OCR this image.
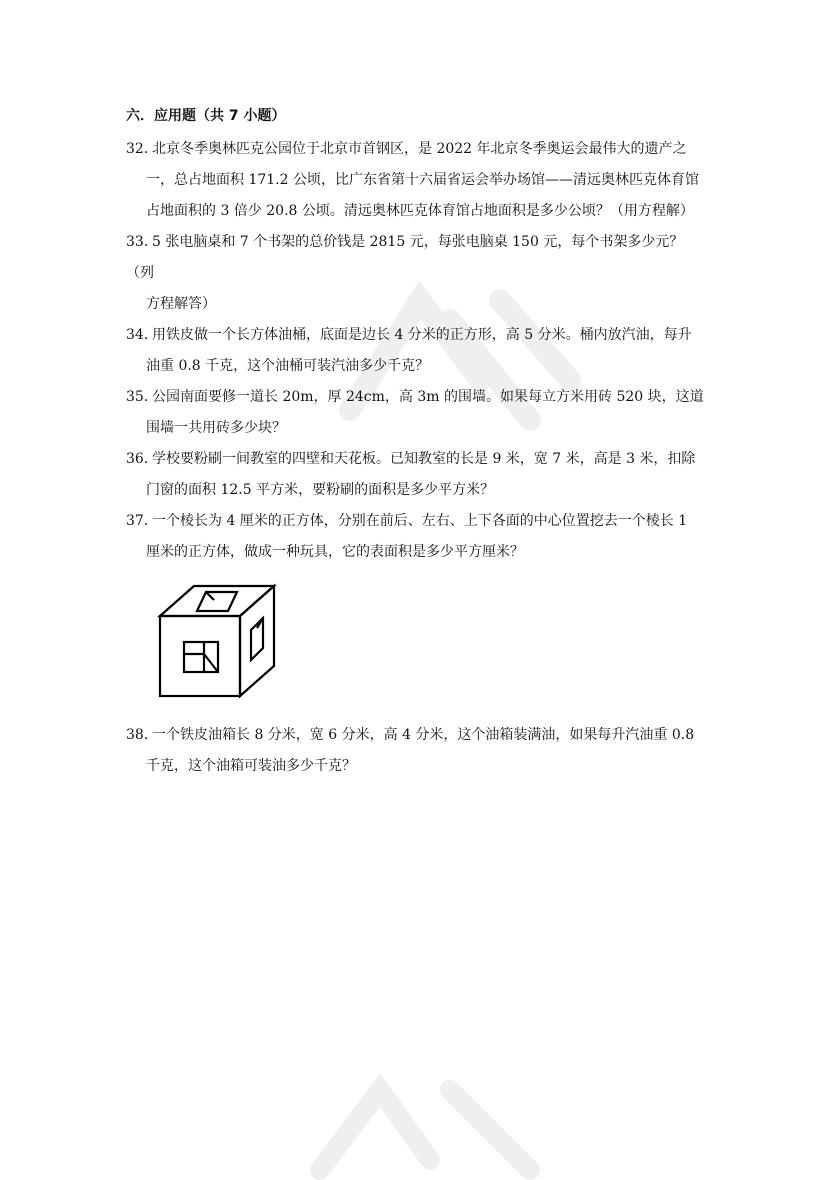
六．应用题（共 7 小题）

32．北京冬季奥林匹克公园位于北京市首钢区，是 2022 年北京冬季奥运会最伟大的遗产之
一，总占地面积 171.2 公顷，比广东省第十六届省运会举办场馆——清远奥林匹克体育馆
占地面积的 3 倍少 20.8 公顷。清远奥林匹克体育馆占地面积是多少公顷？（用方程解）

33．5 张电脑桌和 7 个书架的总价钱是 2815 元，每张电脑桌 150 元，每个书架多少元？（列
方程解答）

34．用铁皮做一个长方体油桶，底面是边长 4 分米的正方形，高 5 分米。桶内放汽油，每升
油重 0.8 千克，这个油桶可装汽油多少千克？

35．公园南面要修一道长 20m，厚 24cm，高 3m 的围墙。如果每立方米用砖 520 块，这道
围墙一共用砖多少块？

36．学校要粉刷一间教室的四壁和天花板。已知教室的长是 9 米，宽 7 米，高是 3 米，扣除
门窗的面积 12.5 平方米，要粉刷的面积是多少平方米？

37．一个棱长为 4 厘米的正方体，分别在前后、左右、上下各面的中心位置挖去一个棱长 1
厘米的正方体，做成一种玩具，它的表面积是多少平方厘米？

38．一个铁皮油箱长 8 分米，宽 6 分米，高 4 分米，这个油箱装满油，如果每升汽油重 0.8
千克，这个油箱可装油多少千克？
